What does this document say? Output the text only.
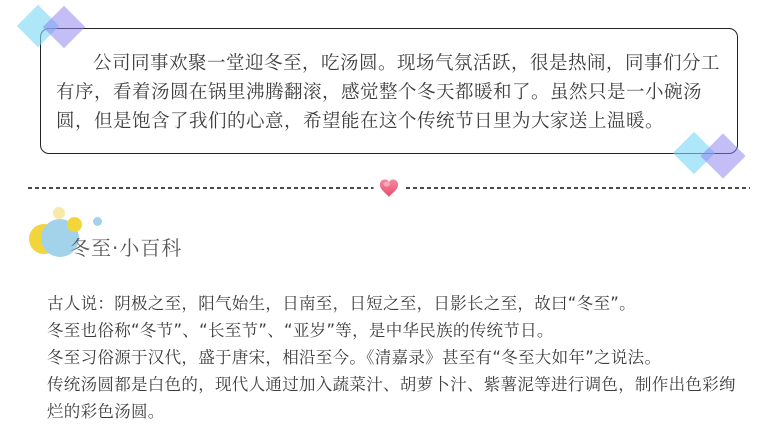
公司同事欢聚一堂迎冬至，吃汤圆。现场气氛活跃，很是热闹，同事们分工有序，看着汤圆在锅里沸腾翻滚，感觉整个冬天都暖和了。虽然只是一小碗汤圆，但是饱含了我们的心意，希望能在这个传统节日里为大家送上温暖。

冬至·小百科

古人说：阴极之至，阳气始生，日南至，日短之至，日影长之至，故曰“冬至”。

冬至也俗称“冬节”、“长至节”、“亚岁”等，是中华民族的传统节日。

冬至习俗源于汉代，盛于唐宋，相沿至今。《清嘉录》甚至有“冬至大如年”之说法。

传统汤圆都是白色的，现代人通过加入蔬菜汁、胡萝卜汁、紫薯泥等进行调色，制作出色彩绚烂的彩色汤圆。
